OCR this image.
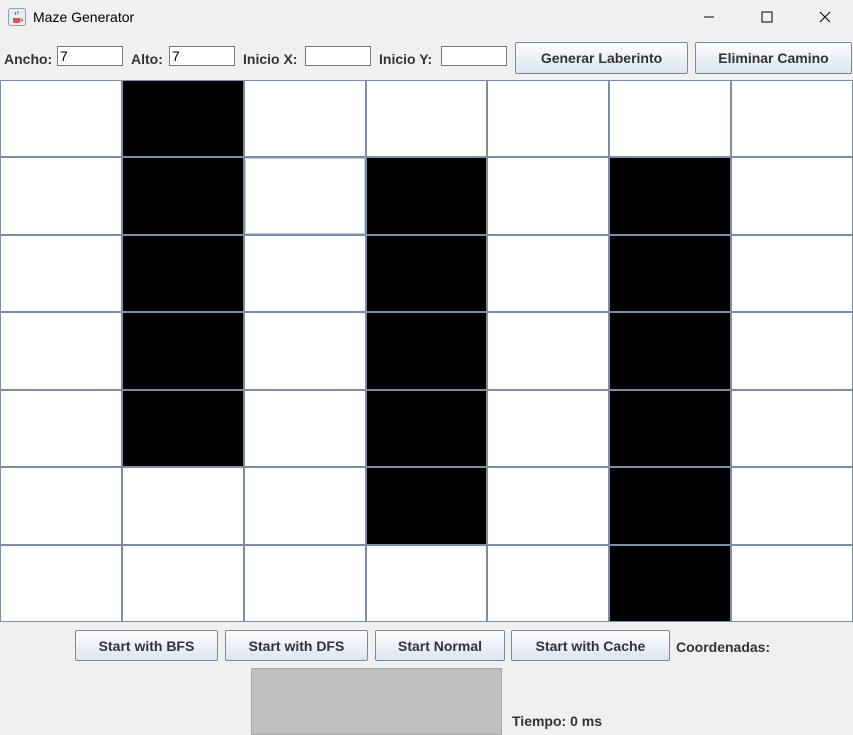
Maze Generator
Ancho:
7	Alto:
7	Inicio X:	Inicio Y:	Generar Laberinto	Eliminar Camino
Start with BFS	Start with DFS	Start Normal	Start with Cache	Coordenadas:
Tiempo: 0 ms
